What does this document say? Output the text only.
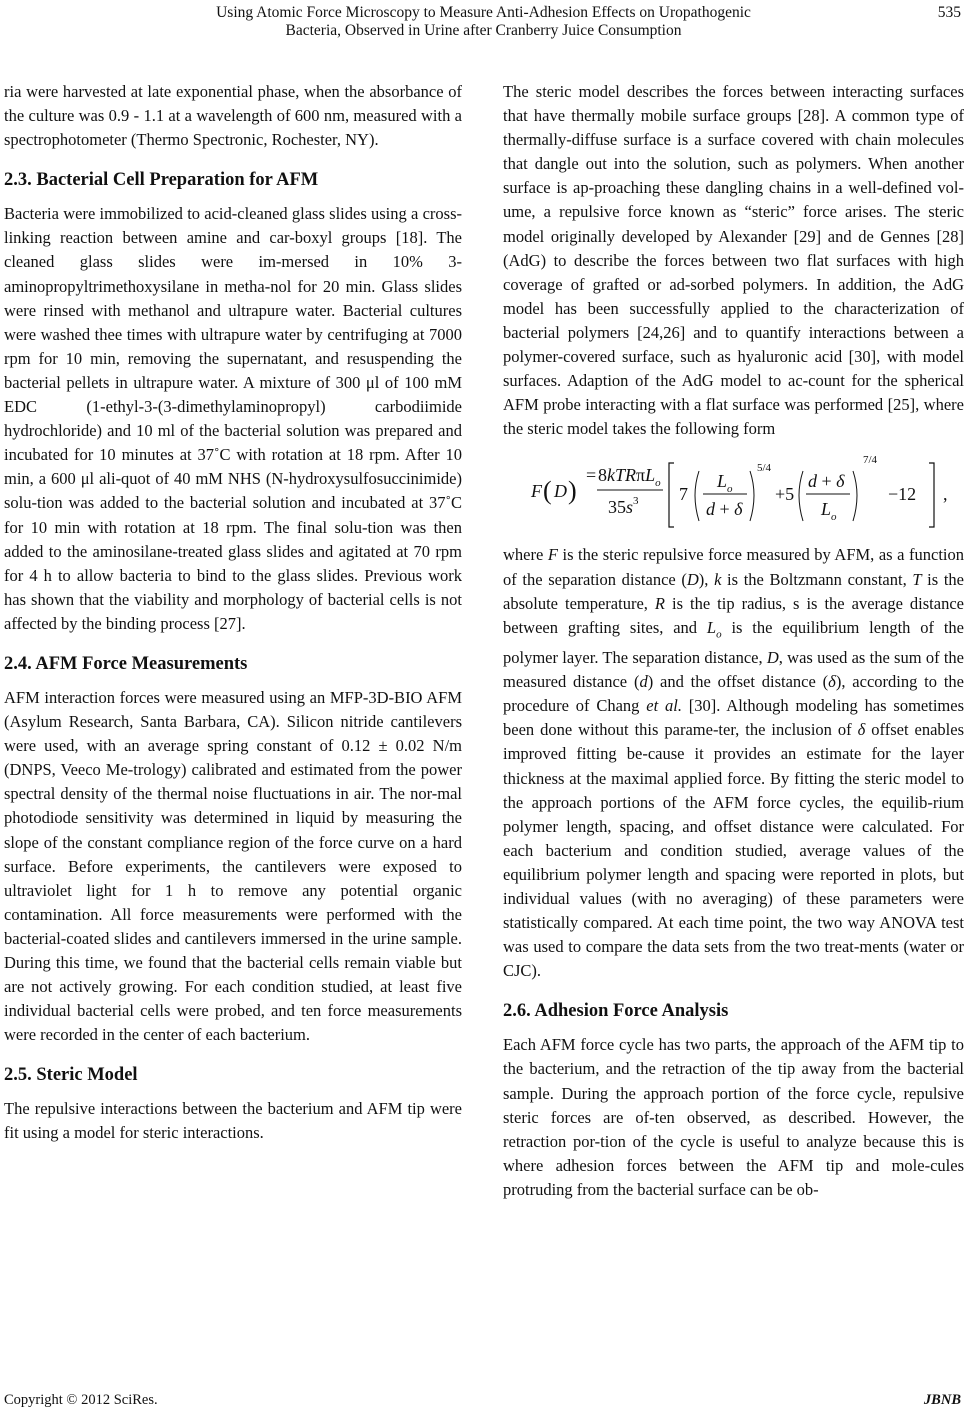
Using Atomic Force Microscopy to Measure Anti-Adhesion Effects on Uropathogenic
Bacteria, Observed in Urine after Cranberry Juice Consumption
535

ria were harvested at late exponential phase, when the absorbance of the culture was 0.9 - 1.1 at a wavelength of 600 nm, measured with a spectrophotometer (Thermo Spectronic, Rochester, NY).

2.3. Bacterial Cell Preparation for AFM

Bacteria were immobilized to acid-cleaned glass slides using a cross-linking reaction between amine and car-boxyl groups [18]. The cleaned glass slides were im-mersed in 10% 3-aminopropyltrimethoxysilane in metha-nol for 20 min. Glass slides were rinsed with methanol and ultrapure water. Bacterial cultures were washed thee times with ultrapure water by centrifuging at 7000 rpm for 10 min, removing the supernatant, and resuspending the bacterial pellets in ultrapure water. A mixture of 300 μl of 100 mM EDC (1-ethyl-3-(3-dimethylaminopropyl) carbodiimide hydrochloride) and 10 ml of the bacterial solution was prepared and incubated for 10 minutes at 37˚C with rotation at 18 rpm. After 10 min, a 600 μl ali-quot of 40 mM NHS (N-hydroxysulfosuccinimide) solu-tion was added to the bacterial solution and incubated at 37˚C for 10 min with rotation at 18 rpm. The final solu-tion was then added to the aminosilane-treated glass slides and agitated at 70 rpm for 4 h to allow bacteria to bind to the glass slides. Previous work has shown that the viability and morphology of bacterial cells is not affected by the binding process [27].

2.4. AFM Force Measurements

AFM interaction forces were measured using an MFP-3D-BIO AFM (Asylum Research, Santa Barbara, CA). Silicon nitride cantilevers were used, with an average spring constant of 0.12 ± 0.02 N/m (DNPS, Veeco Me-trology) calibrated and estimated from the power spectral density of the thermal noise fluctuations in air. The nor-mal photodiode sensitivity was determined in liquid by measuring the slope of the constant compliance region of the force curve on a hard surface. Before experiments, the cantilevers were exposed to ultraviolet light for 1 h to remove any potential organic contamination. All force measurements were performed with the bacterial-coated slides and cantilevers immersed in the urine sample. During this time, we found that the bacterial cells remain viable but are not actively growing. For each condition studied, at least five individual bacterial cells were probed, and ten force measurements were recorded in the center of each bacterium.

2.5. Steric Model

The repulsive interactions between the bacterium and AFM tip were fit using a model for steric interactions.

The steric model describes the forces between interacting surfaces that have thermally mobile surface groups [28]. A common type of thermally-diffuse surface is a surface covered with chain molecules that dangle out into the solution, such as polymers. When another surface is ap-proaching these dangling chains in a well-defined vol-ume, a repulsive force known as “steric” force arises. The steric model originally developed by Alexander [29] and de Gennes [28] (AdG) to describe the forces between two flat surfaces with high coverage of grafted or ad-sorbed polymers. In addition, the AdG model has been successfully applied to the characterization of bacterial polymers [24,26] and to quantify interactions between a polymer-covered surface, such as hyaluronic acid [30], with model surfaces. Adaption of the AdG model to ac-count for the spherical AFM probe interacting with a flat surface was performed [25], where the steric model takes the following form

F ( D )
= 8kTRπL$_o$
$35s^3$ 7
$L_o$
d + δ
5/4
+5
d + δ
$L_o$
7/4
−12 ,

where F is the steric repulsive force measured by AFM, as a function of the separation distance (D), k is the Boltzmann constant, T is the absolute temperature, R is the tip radius, s is the average distance between grafting sites, and $L_o$ is the equilibrium length of the polymer layer. The separation distance, D, was used as the sum of the measured distance (d) and the offset distance (δ), according to the procedure of Chang et al. [30]. Although modeling has sometimes been done without this parame-ter, the inclusion of δ offset enables improved fitting be-cause it provides an estimate for the layer thickness at the maximal applied force. By fitting the steric model to the approach portions of the AFM force cycles, the equilib-rium polymer length, spacing, and offset distance were calculated. For each bacterium and condition studied, average values of the equilibrium polymer length and spacing were reported in plots, but individual values (with no averaging) of these parameters were statistically compared. At each time point, the two way ANOVA test was used to compare the data sets from the two treat-ments (water or CJC).

2.6. Adhesion Force Analysis

Each AFM force cycle has two parts, the approach of the AFM tip to the bacterium, and the retraction of the tip away from the bacterial sample. During the approach portion of the force cycle, repulsive steric forces are of-ten observed, as described. However, the retraction por-tion of the cycle is useful to analyze because this is where adhesion forces between the AFM tip and mole-cules protruding from the bacterial surface can be ob-

Copyright © 2012 SciRes.	JBNB
